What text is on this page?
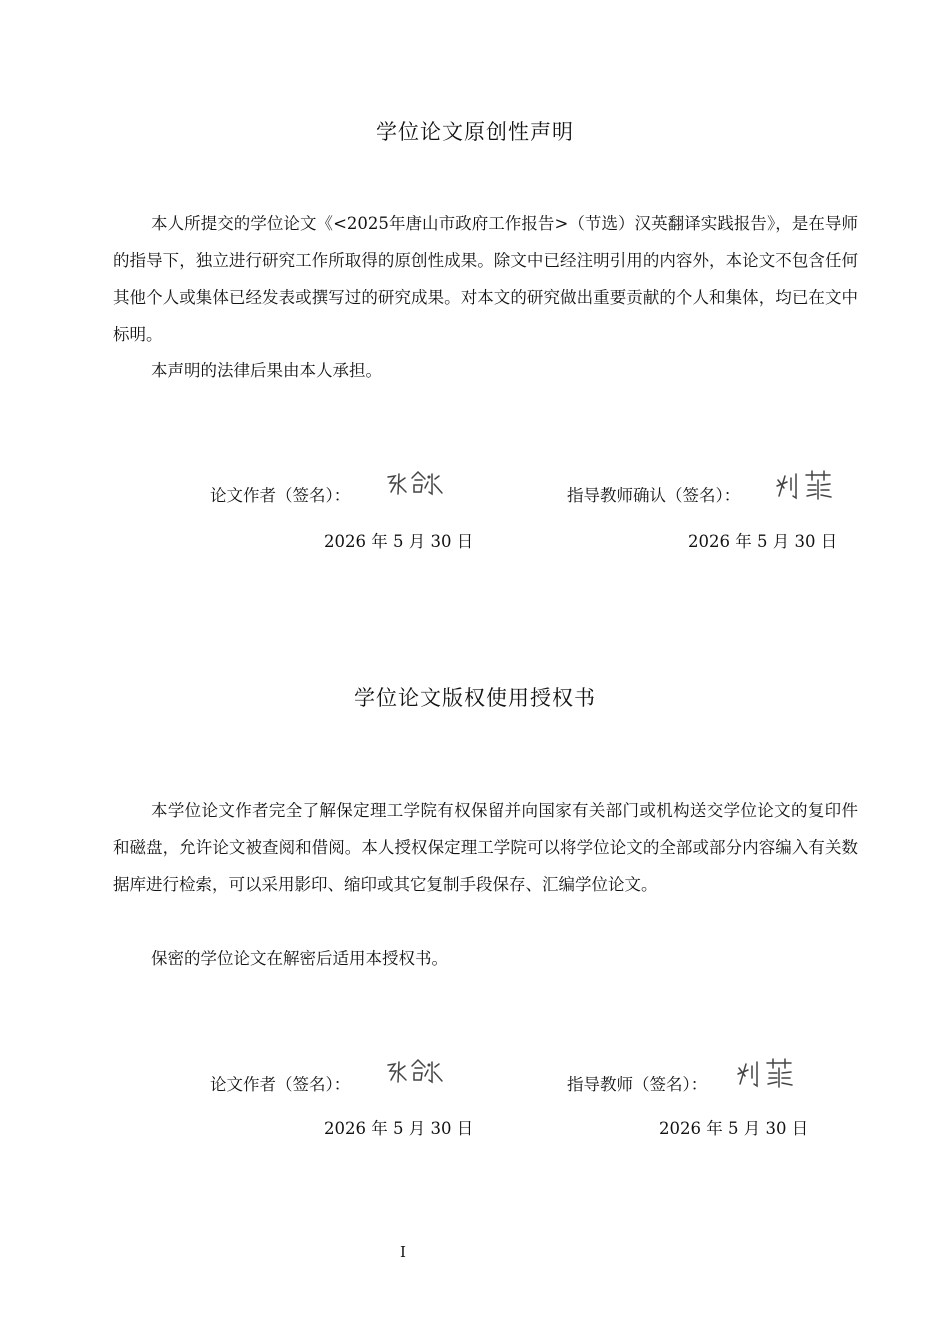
学位论文原创性声明
本人所提交的学位论文《<2025年唐山市政府工作报告>（节选）汉英翻译实践报告》，是在导师的指导下，独立进行研究工作所取得的原创性成果。除文中已经注明引用的内容外，本论文不包含任何其他个人或集体已经发表或撰写过的研究成果。对本文的研究做出重要贡献的个人和集体，均已在文中标明。
本声明的法律后果由本人承担。
论文作者（签名）：	指导教师确认（签名）：
2026 年 5 月 30 日	2026 年 5 月 30 日
学位论文版权使用授权书
本学位论文作者完全了解保定理工学院有权保留并向国家有关部门或机构送交学位论文的复印件和磁盘，允许论文被查阅和借阅。本人授权保定理工学院可以将学位论文的全部或部分内容编入有关数据库进行检索，可以采用影印、缩印或其它复制手段保存、汇编学位论文。
保密的学位论文在解密后适用本授权书。
论文作者（签名）：	指导教师（签名）：
2026 年 5 月 30 日	2026 年 5 月 30 日
I
